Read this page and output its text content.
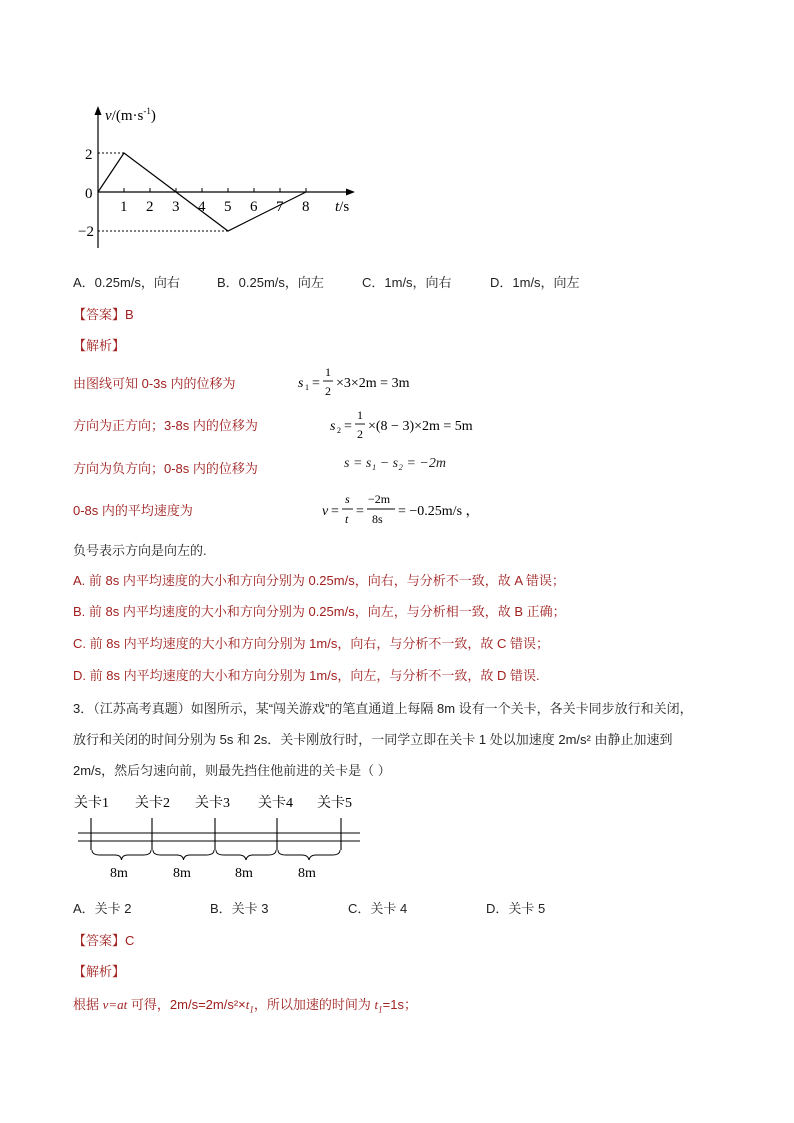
$v/(m\cdot s^{-1})$
2
0
−2
1 2 3 4 5 6 7 8 t/s
A．0.25m/s，向右	B．0.25m/s，向左	C．1m/s，向右	D．1m/s，向左
【答案】B
【解析】
由图线可知 0-3s 内的位移为
方向为正方向；3-8s 内的位移为
方向为负方向；0-8s 内的位移为
0-8s 内的平均速度为
s 1 =
1
2 ×3×2m = 3m
s 2 =
1
2 ×(8 − 3)×2m = 5m
s = s₁ − s₂ = −2m
v =
s
t =
−2m
8s = −0.25m/s ，
负号表示方向是向左的.
A. 前 8s 内平均速度的大小和方向分别为 0.25m/s，向右，与分析不一致，故 A 错误；
B. 前 8s 内平均速度的大小和方向分别为 0.25m/s，向左，与分析相一致，故 B 正确；
C. 前 8s 内平均速度的大小和方向分别为 1m/s，向右，与分析不一致，故 C 错误；
D. 前 8s 内平均速度的大小和方向分别为 1m/s，向左，与分析不一致，故 D 错误.
3．（江苏高考真题）如图所示，某“闯关游戏”的笔直通道上每隔 8m 设有一个关卡，各关卡同步放行和关闭，
放行和关闭的时间分别为 5s 和 2s．关卡刚放行时，一同学立即在关卡 1 处以加速度 2m/s² 由静止加速到
2m/s，然后匀速向前，则最先挡住他前进的关卡是（ ）
关卡1 关卡2 关卡3 关卡4 关卡5
8m	8m	8m	8m
A．关卡 2	B．关卡 3	C．关卡 4	D．关卡 5
【答案】C
【解析】
根据 v=at 可得，$2m/s=2m/s^2\times t_1$，所以加速的时间为 $t_1=1s$；
